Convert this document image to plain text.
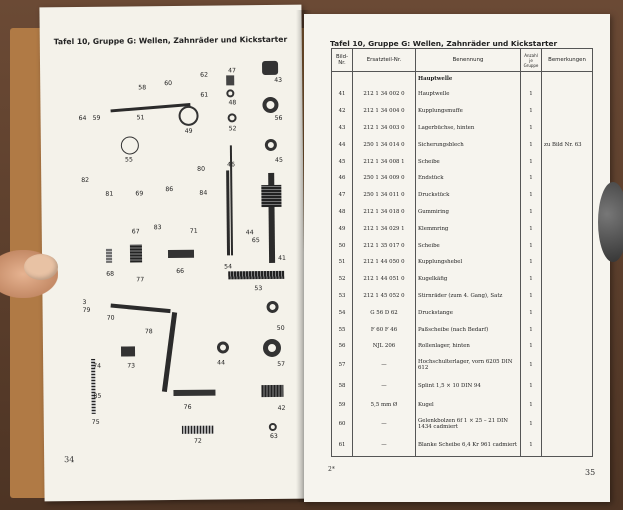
Tafel 10, Gruppe G: Wellen, Zahnräder und Kickstarter
34
58
60
62
47
43
64 59	51
49
61
48
56
52
55
80
46
45
82
81	69
86
84
67
83
71	44
68
77
66
65
41
54
53
3
79
70
78	50
73	44	57
85
76
74
42
75
72
63
Tafel 10, Gruppe G: Wellen, Zahnräder und Kickstarter
35
2*
Bild-Nr.	Ersatzteil-Nr.	Benennung	Anzahl je Gruppe	Bemerkungen
		Hauptwelle		
41	212 1 34 002 0	Hauptwelle	1	
42	212 1 34 004 0	Kupplungsmuffe	1	
43	212 1 34 003 0	Lagerbüchse, hinten	1	
44	250 1 34 014 0	Sicherungsblech	1	zu Bild Nr. 63
45	212 1 34 008 1	Scheibe	1	
46	250 1 34 009 0	Endstück	1	
47	250 1 34 011 0	Druckstück	1	
48	212 1 34 018 0	Gummiring	1	
49	212 1 34 029 1	Klemmring	1	
50	212 1 35 017 0	Scheibe	1	
51	212 1 44 050 0	Kupplungshebel	1	
52	212 1 44 051 0	Kugelkäfig	1	
53	212 1 45 052 0	Stirnräder (zum 4. Gang), Satz	1	
54	G 56 D 62	Druckstange	1	
55	F 60 F 46	Paßscheibe (nach Bedarf)	1	
56	NJL 206	Rollenlager, hinten	1	
57	—	Hochschulterlager, vorn 6205 DIN 612	1	
58	—	Splint 1,5 × 10 DIN 94	1	
59	5,5 mm Ø	Kugel	1	
60	—	Gelenkbolzen 6f 1 × 25 – 21 DIN 1434 cadmiert	1	
61	—	Blanke Scheibe 6,4 Kr 961 cadmiert	1	
